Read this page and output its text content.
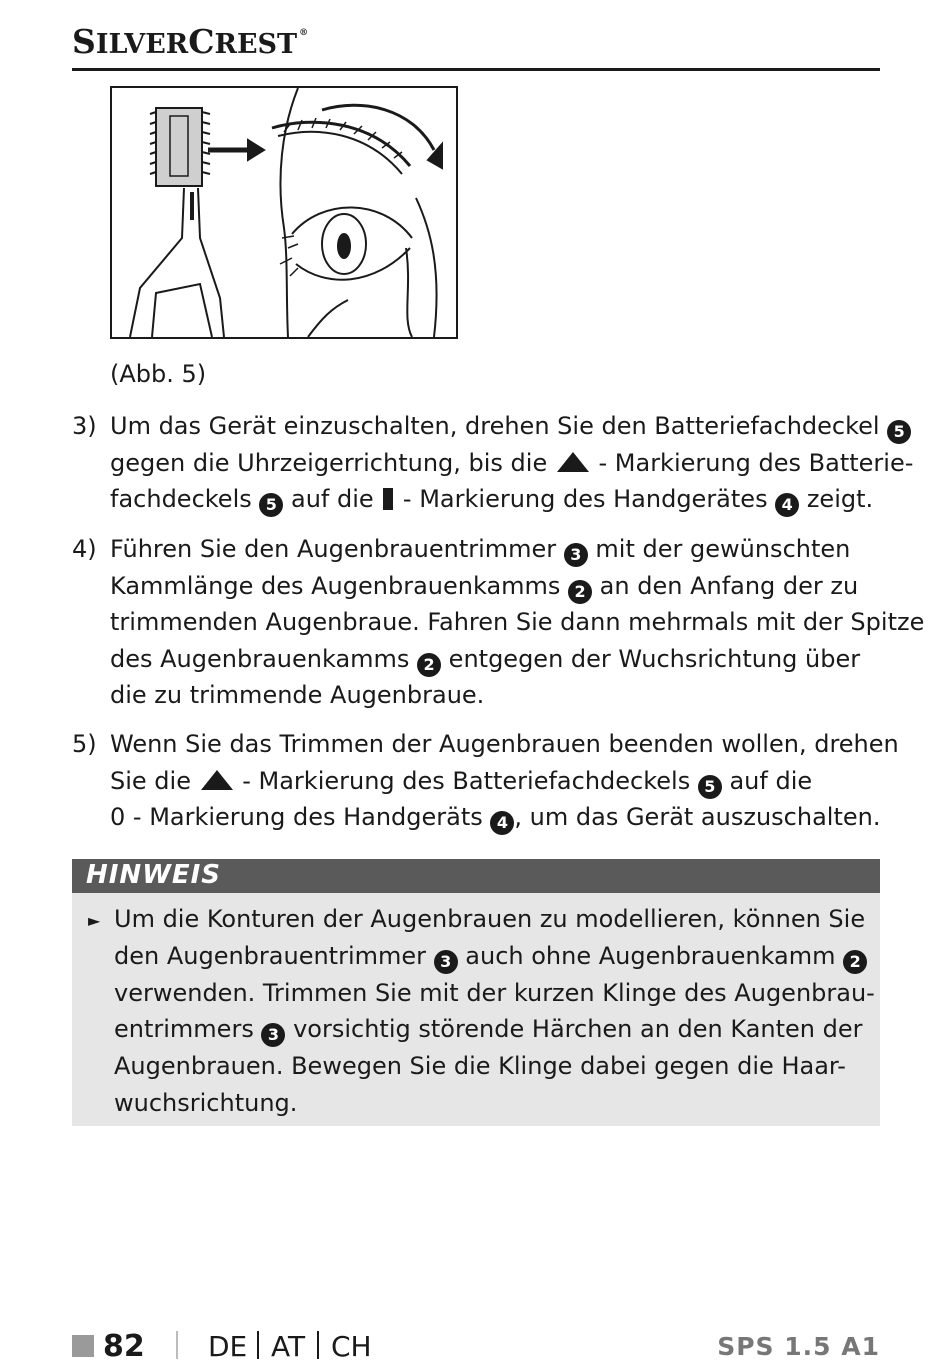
SILVERCREST ®
(Abb. 5)
3) Um das Gerät einzuschalten, drehen Sie den Batteriefachdeckel 5
gegen die Uhrzeigerrichtung, bis die  - Markierung des Batterie-
fachdeckels 5 auf die  - Markierung des Handgerätes 4 zeigt.
4) Führen Sie den Augenbrauentrimmer 3 mit der gewünschten
Kammlänge des Augenbrauenkamms 2 an den Anfang der zu
trimmenden Augenbraue. Fahren Sie dann mehrmals mit der Spitze
des Augenbrauenkamms 2 entgegen der Wuchsrichtung über
die zu trimmende Augenbraue.
5) Wenn Sie das Trimmen der Augenbrauen beenden wollen, drehen
Sie die  - Markierung des Batteriefachdeckels 5 auf die
0 - Markierung des Handgeräts 4 , um das Gerät auszuschalten.
HINWEIS
► Um die Konturen der Augenbrauen zu modellieren, können Sie
den Augenbrauentrimmer 3 auch ohne Augenbrauenkamm 2
verwenden. Trimmen Sie mit der kurzen Klinge des Augenbrau-
entrimmers 3 vorsichtig störende Härchen an den Kanten der
Augenbrauen. Bewegen Sie die Klinge dabei gegen die Haar-
wuchsrichtung.
82 DE AT CH	SPS 1.5 A1
